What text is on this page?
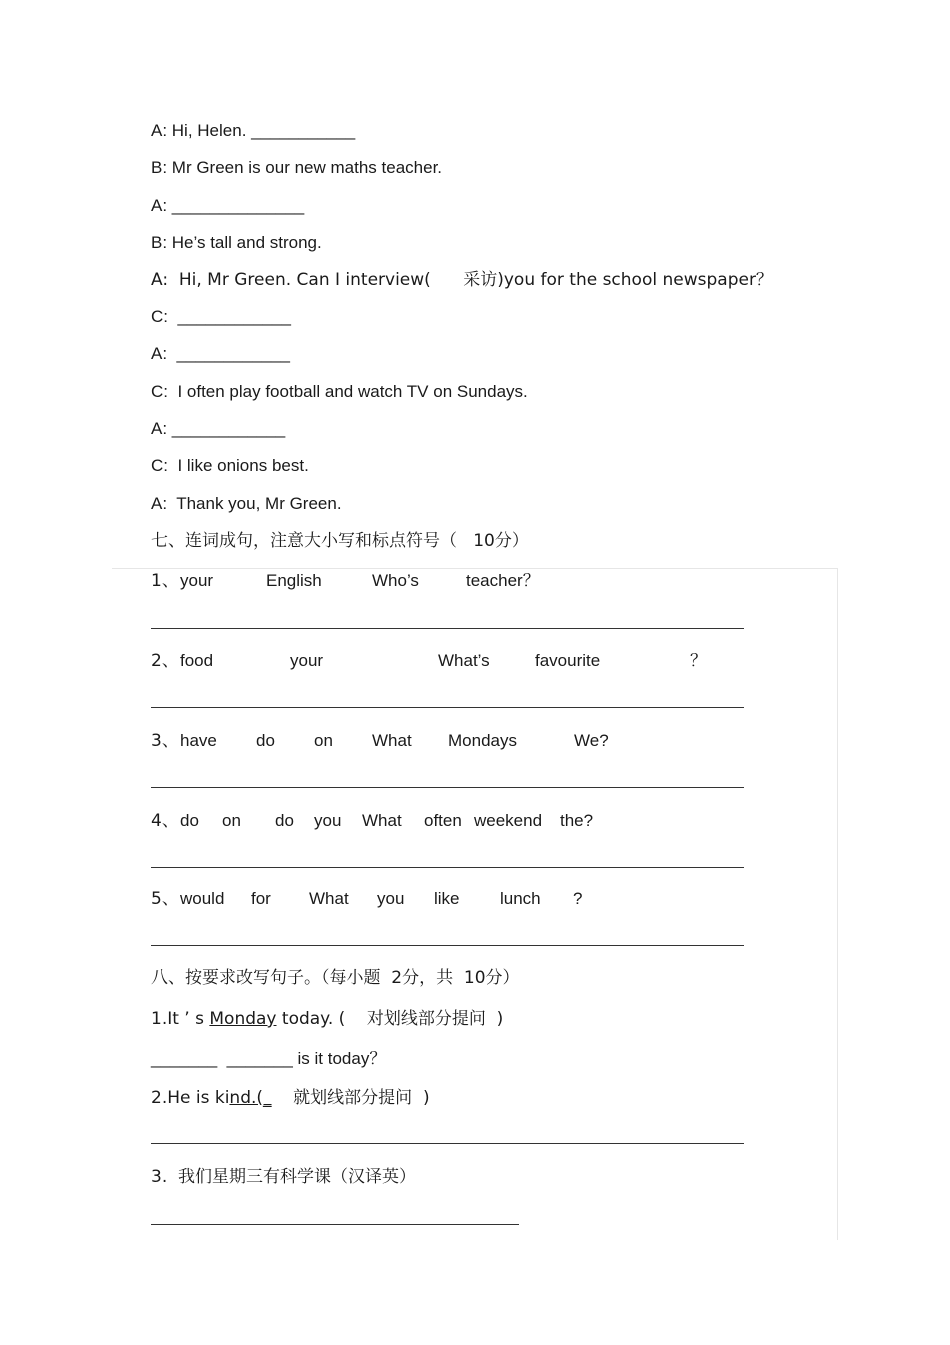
A: Hi, Helen. ___________
B: Mr Green is our new maths teacher.
A: ______________
B: He’s tall and strong.
A:  Hi, Mr Green. Can I interview(      采访)you for the school newspaper？
C:  ____________
A:  ____________
C:  I often play football and watch TV on Sundays.
A: ____________
C:  I like onions best.
A:  Thank you, Mr Green.
七、连词成句，注意大小写和标点符号（   10分）
1、 your	English	Who’s	teacher？
2、 food	your	What’s	favourite	？
3、 have do on What Mondays	We?
4、 do on do you What often weekend the?
5、 would for What you like lunch ?
八、按要求改写句子。（每小题  2分，共  10分）
1.It ’ s Monday today. (    对划线部分提问  )
_______  _______ is it today？
2.He is kind.(_    就划线部分提问  )
3.  我们星期三有科学课（汉译英）
